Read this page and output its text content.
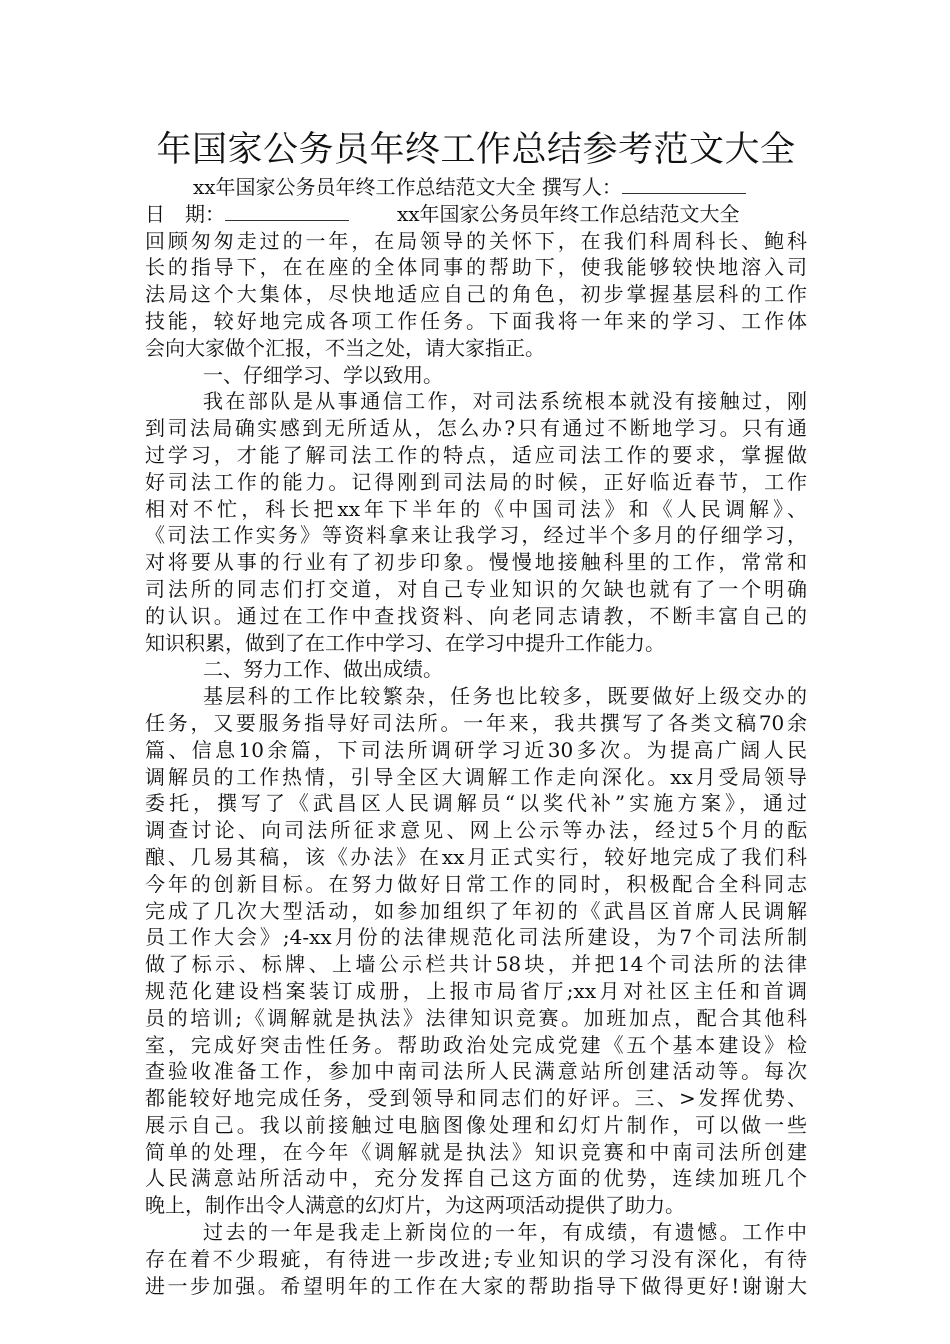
年国家公务员年终工作总结参考范文大全
xx年国家公务员年终工作总结范文大全 撰写人：
日　期：	xx年国家公务员年终工作总结范文大全
回顾匆匆走过的一年，在局领导的关怀下，在我们科周科长、鲍科
长的指导下，在在座的全体同事的帮助下，使我能够较快地溶入司
法局这个大集体，尽快地适应自己的角色，初步掌握基层科的工作
技能，较好地完成各项工作任务。下面我将一年来的学习、工作体
会向大家做个汇报，不当之处，请大家指正。
一、仔细学习、学以致用。
我在部队是从事通信工作，对司法系统根本就没有接触过，刚
到司法局确实感到无所适从，怎么办?只有通过不断地学习。只有通
过学习，才能了解司法工作的特点，适应司法工作的要求，掌握做
好司法工作的能力。记得刚到司法局的时候，正好临近春节，工作
相对不忙，科长把xx年下半年的《中国司法》和《人民调解》、
《司法工作实务》等资料拿来让我学习，经过半个多月的仔细学习，
对将要从事的行业有了初步印象。慢慢地接触科里的工作，常常和
司法所的同志们打交道，对自己专业知识的欠缺也就有了一个明确
的认识。通过在工作中查找资料、向老同志请教，不断丰富自己的
知识积累，做到了在工作中学习、在学习中提升工作能力。
二、努力工作、做出成绩。
基层科的工作比较繁杂，任务也比较多，既要做好上级交办的
任务，又要服务指导好司法所。一年来，我共撰写了各类文稿70余
篇、信息10余篇，下司法所调研学习近30多次。为提高广阔人民
调解员的工作热情，引导全区大调解工作走向深化。xx月受局领导
委托，撰写了《武昌区人民调解员“以奖代补”实施方案》，通过
调查讨论、向司法所征求意见、网上公示等办法，经过5个月的酝
酿、几易其稿，该《办法》在xx月正式实行，较好地完成了我们科
今年的创新目标。在努力做好日常工作的同时，积极配合全科同志
完成了几次大型活动，如参加组织了年初的《武昌区首席人民调解
员工作大会》;4-xx月份的法律规范化司法所建设，为7个司法所制
做了标示、标牌、上墙公示栏共计58块，并把14个司法所的法律
规范化建设档案装订成册，上报市局省厅;xx月对社区主任和首调
员的培训;《调解就是执法》法律知识竞赛。加班加点，配合其他科
室，完成好突击性任务。帮助政治处完成党建《五个基本建设》检
查验收准备工作，参加中南司法所人民满意站所创建活动等。每次
都能较好地完成任务，受到领导和同志们的好评。三、>发挥优势、
展示自己。我以前接触过电脑图像处理和幻灯片制作，可以做一些
简单的处理，在今年《调解就是执法》知识竞赛和中南司法所创建
人民满意站所活动中，充分发挥自己这方面的优势，连续加班几个
晚上，制作出令人满意的幻灯片，为这两项活动提供了助力。
过去的一年是我走上新岗位的一年，有成绩，有遗憾。工作中
存在着不少瑕疵，有待进一步改进;专业知识的学习没有深化，有待
进一步加强。希望明年的工作在大家的帮助指导下做得更好!谢谢大
